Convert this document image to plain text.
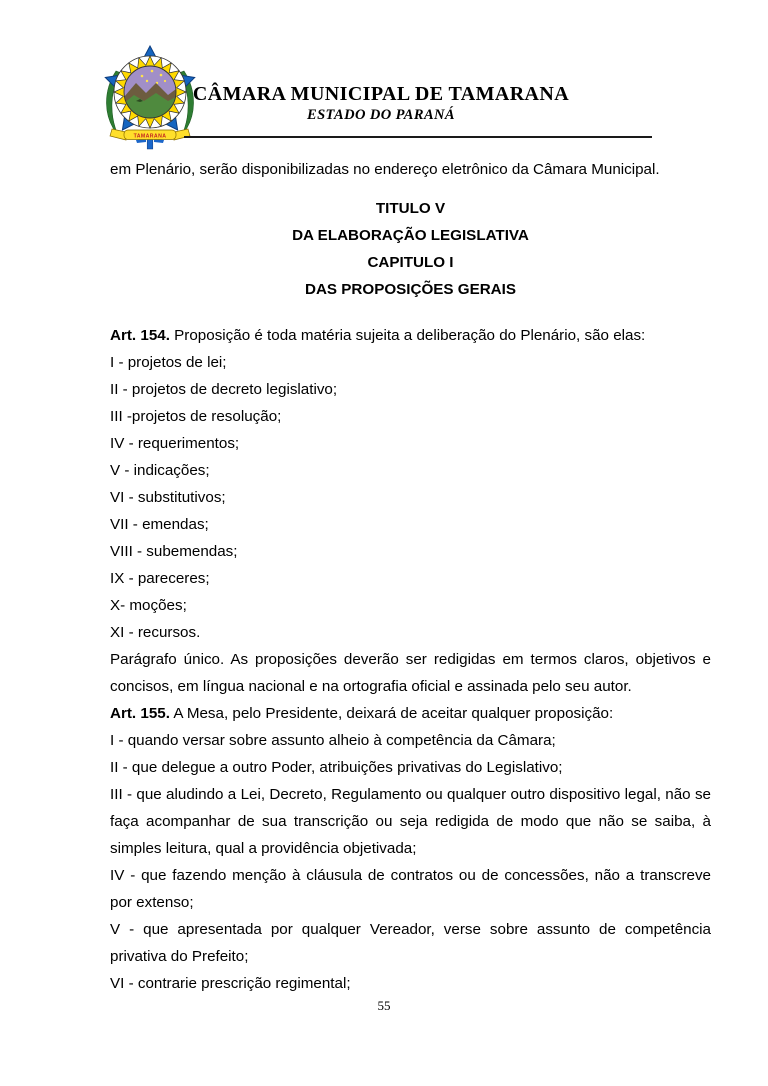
TAMARANA
CÂMARA MUNICIPAL DE TAMARANA
ESTADO DO PARANÁ

em Plenário, serão disponibilizadas no endereço eletrônico da Câmara Municipal.

TITULO V

DA ELABORAÇÃO LEGISLATIVA

CAPITULO I

DAS PROPOSIÇÕES GERAIS

Art. 154. Proposição é toda matéria sujeita a deliberação do Plenário, são elas:

I - projetos de lei;

II - projetos de decreto legislativo;

III -projetos de resolução;

IV - requerimentos;

V - indicações;

VI - substitutivos;

VII - emendas;

VIII - subemendas;

IX - pareceres;

X- moções;

XI - recursos.

Parágrafo único. As proposições deverão ser redigidas em termos claros, objetivos e concisos, em língua nacional e na ortografia oficial e assinada pelo seu autor.

Art. 155. A Mesa, pelo Presidente, deixará de aceitar qualquer proposição:

I - quando versar sobre assunto alheio à competência da Câmara;

II - que delegue a outro Poder, atribuições privativas do Legislativo;

III - que aludindo a Lei, Decreto, Regulamento ou qualquer outro dispositivo legal, não se faça acompanhar de sua transcrição ou seja redigida de modo que não se saiba, à simples leitura, qual a providência objetivada;

IV - que fazendo menção à cláusula de contratos ou de concessões, não a transcreve por extenso;

V - que apresentada por qualquer Vereador, verse sobre assunto de competência privativa do Prefeito;

VI - contrarie prescrição regimental;

55
